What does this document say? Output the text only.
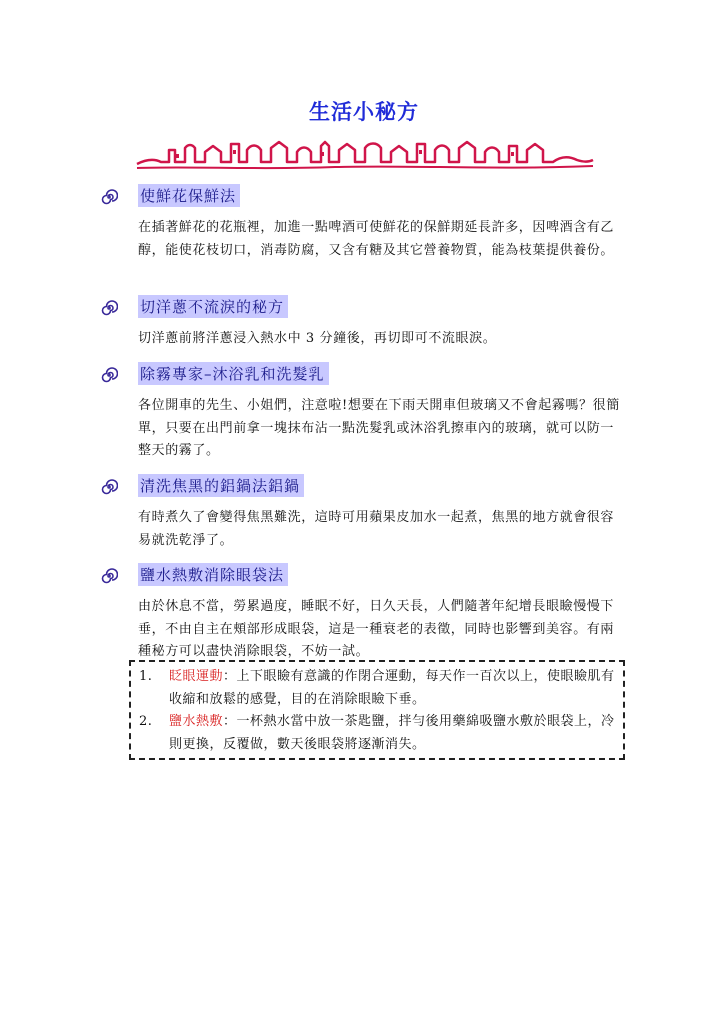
生活小秘方
使鮮花保鮮法

在插著鮮花的花瓶裡，加進一點啤酒可使鮮花的保鮮期延長許多，因啤酒含有乙醇，能使花枝切口，消毒防腐，又含有糖及其它營養物質，能為枝葉提供養份。

切洋蔥不流淚的秘方

切洋蔥前將洋蔥浸入熱水中 3 分鐘後，再切即可不流眼淚。

除霧專家–沐浴乳和洗髮乳

各位開車的先生、小姐們，注意啦!想要在下雨天開車但玻璃又不會起霧嗎？很簡單，只要在出門前拿一塊抹布沾一點洗髮乳或沐浴乳擦車內的玻璃，就可以防一整天的霧了。

清洗焦黑的鋁鍋法鋁鍋

有時煮久了會變得焦黑難洗，這時可用蘋果皮加水一起煮，焦黑的地方就會很容易就洗乾淨了。

鹽水熱敷消除眼袋法

由於休息不當，勞累過度，睡眠不好，日久天長，人們隨著年紀增長眼瞼慢慢下垂，不由自主在頰部形成眼袋，這是一種衰老的表徵，同時也影響到美容。有兩種秘方可以盡快消除眼袋，不妨一試。

1.	眨眼運動：上下眼瞼有意識的作閉合運動，每天作一百次以上，使眼瞼肌有收縮和放鬆的感覺，目的在消除眼瞼下垂。
2.	鹽水熱敷：一杯熱水當中放一茶匙鹽，拌勻後用藥綿吸鹽水敷於眼袋上，冷則更換，反覆做，數天後眼袋將逐漸消失。
